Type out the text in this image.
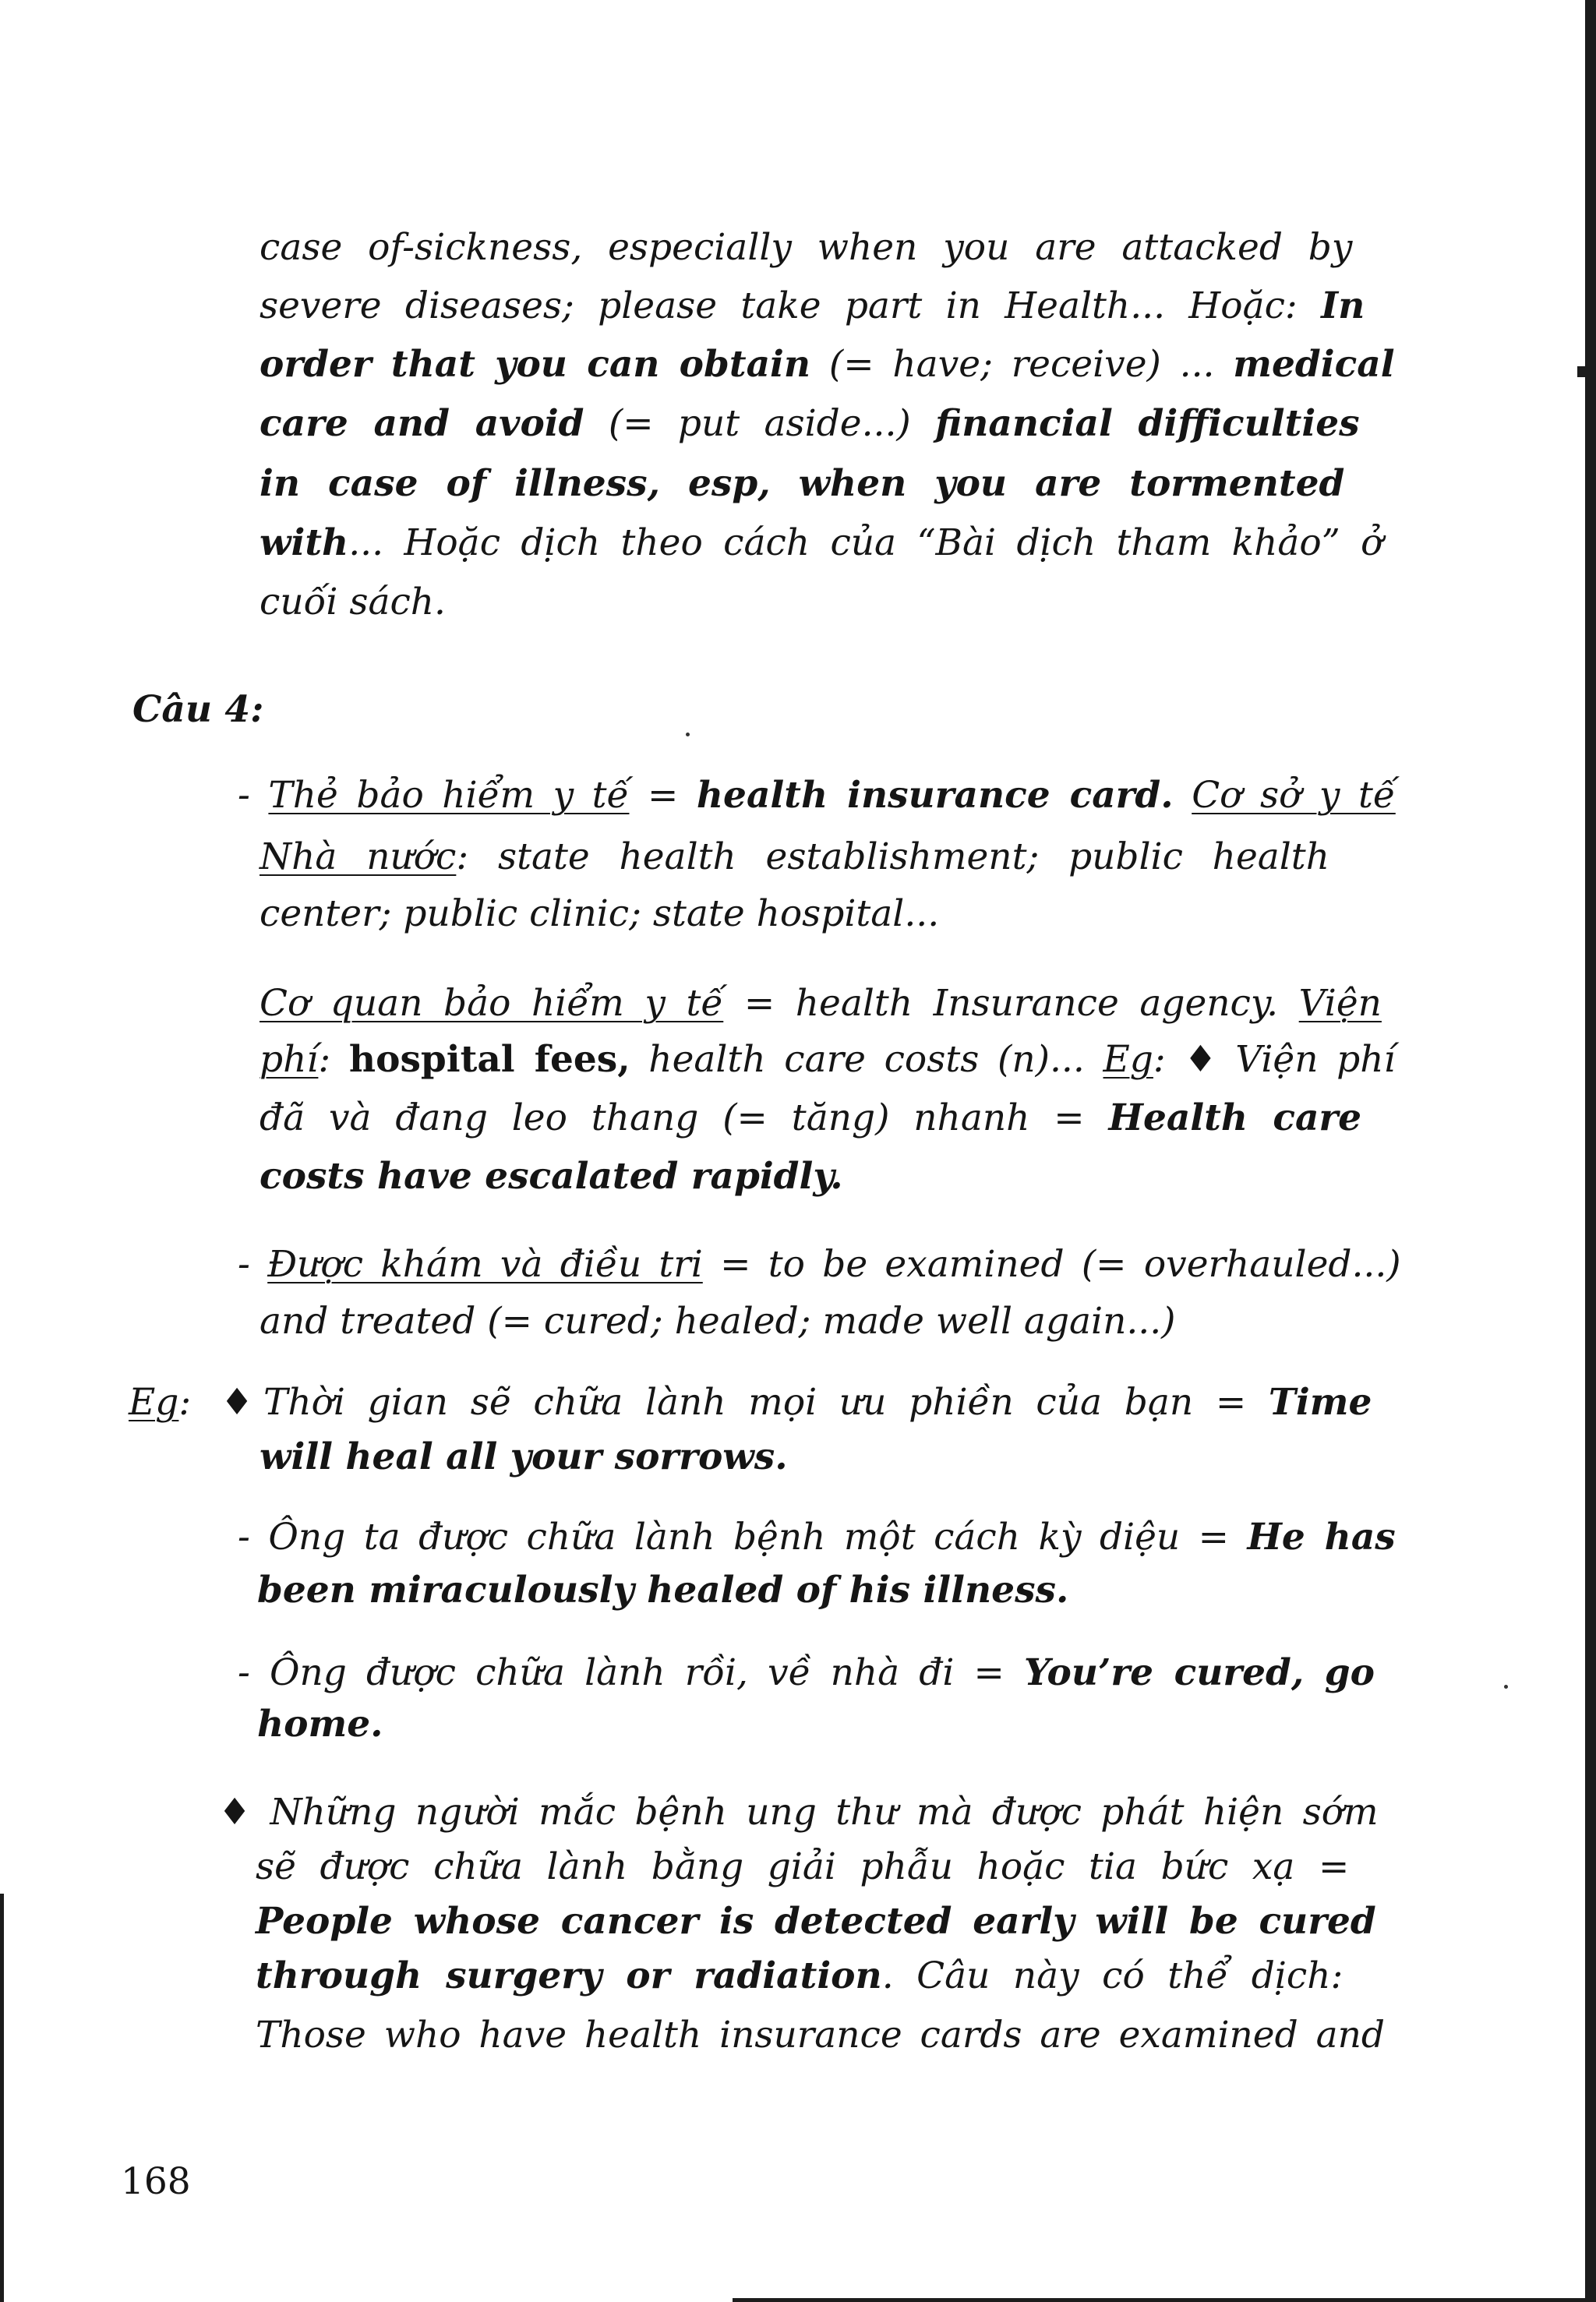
case of-sickness, especially when you are attacked by
severe diseases; please take part in Health... Hoặc: In
order that you can obtain (= have; receive) ... medical
care and avoid (= put aside...) financial difficulties
in case of illness, esp, when you are tormented
with... Hoặc dịch theo cách của “Bài dịch tham khảo” ở
cuối sách.
Câu 4:
- Thẻ bảo hiểm y tế = health insurance card. Cơ sở y tế
Nhà nước: state health establishment; public health
center; public clinic; state hospital...
Cơ quan bảo hiểm y tế = health Insurance agency. Viện
phí: hospital fees, health care costs (n)... Eg: ♦ Viện phí
đã và đang leo thang (= tăng) nhanh = Health care
costs have escalated rapidly.
- Được khám và điều tri = to be examined (= overhauled...)
and treated (= cured; healed; made well again...)
Eg: ♦ Thời gian sẽ chữa lành mọi ưu phiền của bạn = Time
will heal all your sorrows.
- Ông ta được chữa lành bệnh một cách kỳ diệu = He has
been miraculously healed of his illness.
- Ông được chữa lành rồi, về nhà đi = You’re cured, go
home.
♦ Những người mắc bệnh ung thư mà được phát hiện sớm
sẽ được chữa lành bằng giải phẫu hoặc tia bức xạ =
People whose cancer is detected early will be cured
through surgery or radiation. Câu này có thể dịch:
Those who have health insurance cards are examined and
168
